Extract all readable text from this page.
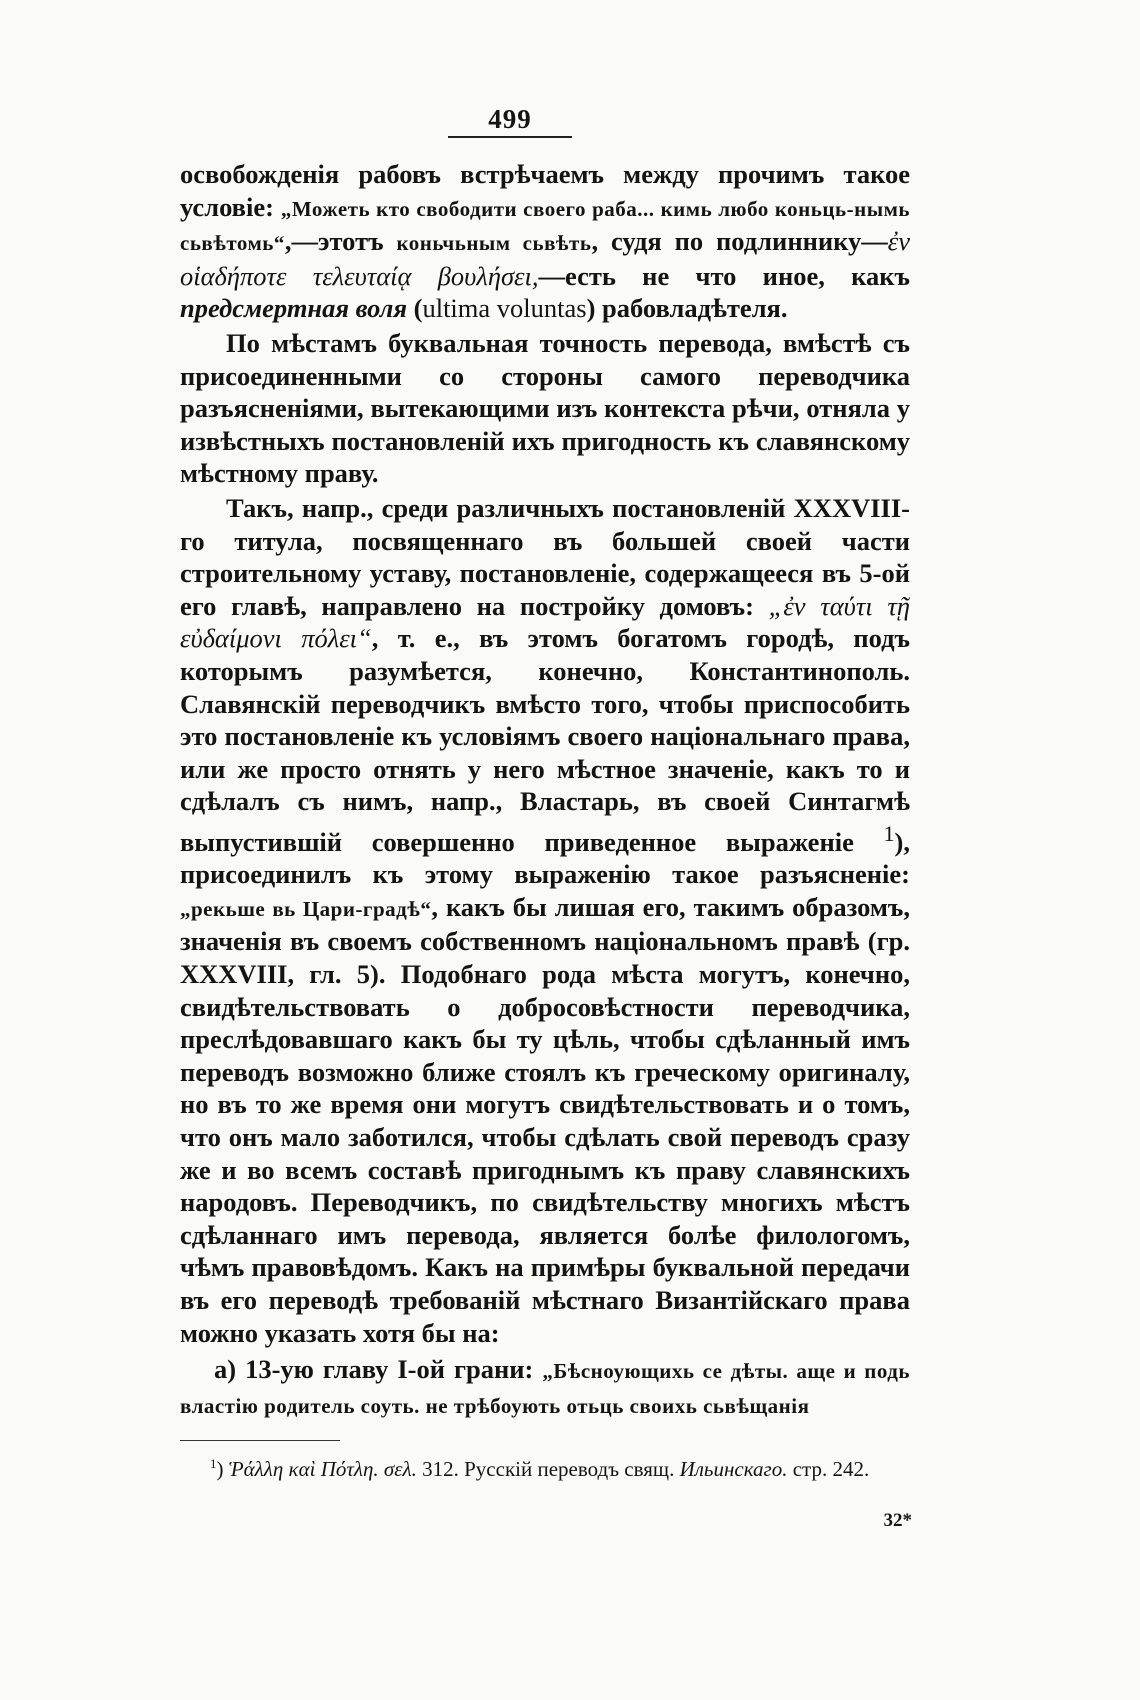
499

освобожденія рабовъ встрѣчаемъ между прочимъ такое условіе: „Можеть кто свободити своего раба... кимь любо коньць-нымь сьвѣтомь“,—этотъ коньчьным сьвѣть, судя по подлиннику—ἐν οἱαδήποτε τελευταίᾳ βουλήσει,—есть не что иное, какъ предсмертная воля (ultima voluntas) рабовладѣтеля.

По мѣстамъ буквальная точность перевода, вмѣстѣ съ присоединенными со стороны самого переводчика разъясненіями, вытекающими изъ контекста рѣчи, отняла у извѣстныхъ постановленій ихъ пригодность къ славянскому мѣстному праву.

Такъ, напр., среди различныхъ постановленій XXXVIII-го титула, посвященнаго въ большей своей части строительному уставу, постановленіе, содержащееся въ 5-ой его главѣ, направлено на постройку домовъ: „ἐν ταύτι τῇ εὐδαίμονι πόλει“, т. е., въ этомъ богатомъ городѣ, подъ которымъ разумѣется, конечно, Константинополь. Славянскій переводчикъ вмѣсто того, чтобы приспособить это постановленіе къ условіямъ своего національнаго права, или же просто отнять у него мѣстное значеніе, какъ то и сдѣлалъ съ нимъ, напр., Властарь, въ своей Синтагмѣ выпустившій совершенно приведенное выраженіе $^1$), присоединилъ къ этому выраженію такое разъясненіе: „рекьше вь Цари-градѣ“, какъ бы лишая его, такимъ образомъ, значенія въ своемъ собственномъ національномъ правѣ (гр. XXXVIII, гл. 5). Подобнаго рода мѣста могутъ, конечно, свидѣтельствовать о добросовѣстности переводчика, преслѣдовавшаго какъ бы ту цѣль, чтобы сдѣланный имъ переводъ возможно ближе стоялъ къ греческому оригиналу, но въ то же время они могутъ свидѣтельствовать и о томъ, что онъ мало заботился, чтобы сдѣлать свой переводъ сразу же и во всемъ составѣ пригоднымъ къ праву славянскихъ народовъ. Переводчикъ, по свидѣтельству многихъ мѣстъ сдѣланнаго имъ перевода, является болѣе филологомъ, чѣмъ правовѣдомъ. Какъ на примѣры буквальной передачи въ его переводѣ требованій мѣстнаго Византійскаго права можно указать хотя бы на:

а) 13-ую главу І-ой грани: „Бѣсноующихь се дѣты. аще и подь властію родитель соуть. не трѣбоують отьць своихь сьвѣщанія

$^1$) Ῥάλλη καὶ Πότλη. σελ. 312. Русскій переводъ свящ. Ильинскаго. стр. 242.
32*
